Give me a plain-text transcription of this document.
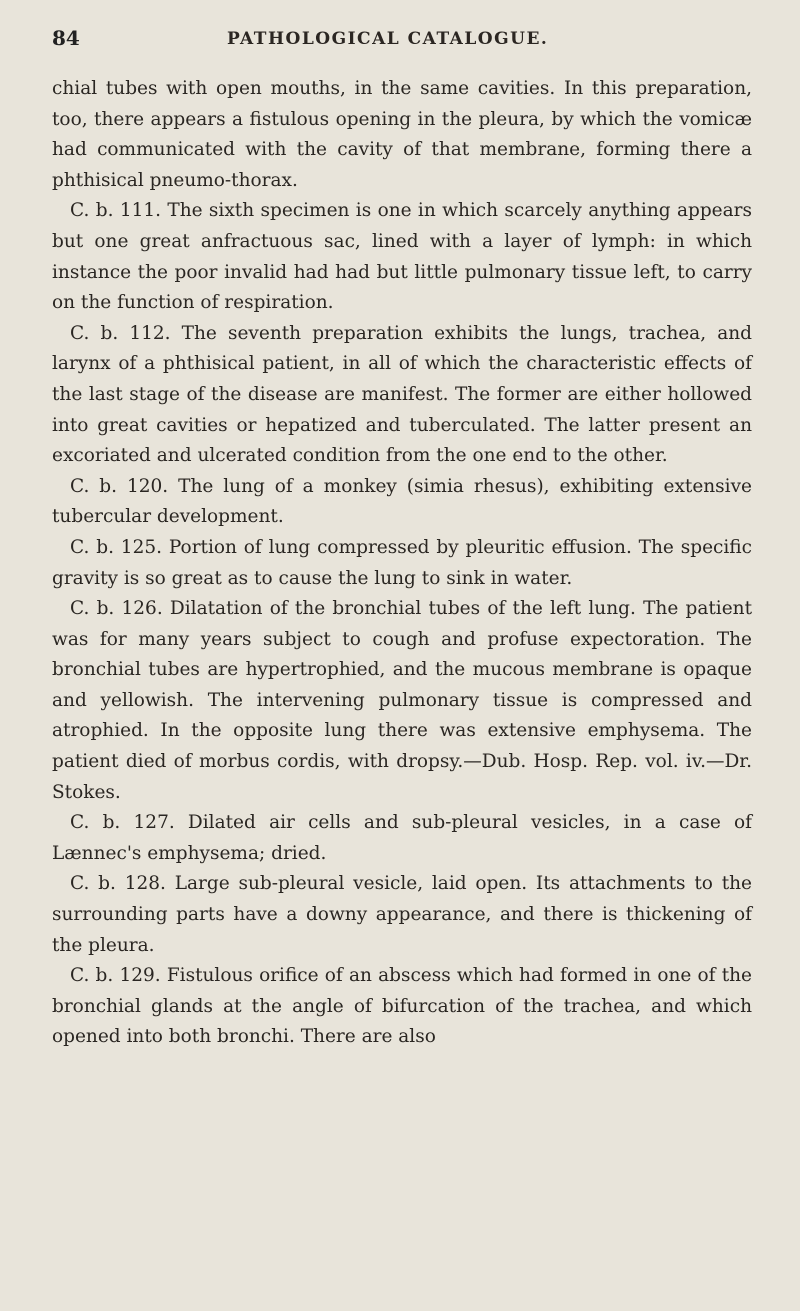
84	PATHOLOGICAL CATALOGUE.

chial tubes with open mouths, in the same cavities. In this preparation, too, there appears a fistulous opening in the pleura, by which the vomicæ had communicated with the cavity of that membrane, forming there a phthisical pneumo-thorax.

C. b. 111. The sixth specimen is one in which scarcely anything appears but one great anfractuous sac, lined with a layer of lymph: in which instance the poor invalid had had but little pulmonary tissue left, to carry on the function of respiration.

C. b. 112. The seventh preparation exhibits the lungs, trachea, and larynx of a phthisical patient, in all of which the characteristic effects of the last stage of the disease are manifest. The former are either hollowed into great cavities or hepatized and tuberculated. The latter present an excoriated and ulcerated condition from the one end to the other.

C. b. 120. The lung of a monkey (simia rhesus), exhibiting extensive tubercular development.

C. b. 125. Portion of lung compressed by pleuritic effusion. The specific gravity is so great as to cause the lung to sink in water.

C. b. 126. Dilatation of the bronchial tubes of the left lung. The patient was for many years subject to cough and profuse expectoration. The bronchial tubes are hypertrophied, and the mucous membrane is opaque and yellowish. The intervening pulmonary tissue is compressed and atrophied. In the opposite lung there was extensive emphysema. The patient died of morbus cordis, with dropsy.—Dub. Hosp. Rep. vol. iv.—Dr. Stokes.

C. b. 127. Dilated air cells and sub-pleural vesicles, in a case of Lænnec's emphysema; dried.

C. b. 128. Large sub-pleural vesicle, laid open. Its attachments to the surrounding parts have a downy appearance, and there is thickening of the pleura.

C. b. 129. Fistulous orifice of an abscess which had formed in one of the bronchial glands at the angle of bifurcation of the trachea, and which opened into both bronchi. There are also
